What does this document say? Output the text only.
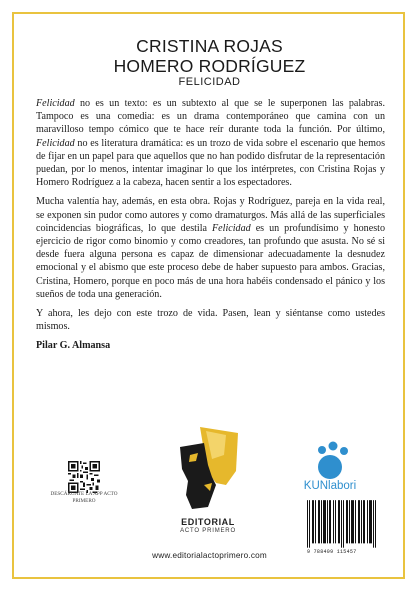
CRISTINA ROJAS
HOMERO RODRÍGUEZ
FELICIDAD

Felicidad no es un texto: es un subtexto al que se le superponen las palabras. Tampoco es una comedia: es un drama contemporáneo que camina con un maravilloso tempo cómico que te hace reír durante toda la función. Por último, Felicidad no es literatura dramática: es un trozo de vida sobre el escenario que hemos de fijar en un papel para que aquellos que no han podido disfrutar de la representación puedan, por lo menos, intentar imaginar lo que los intérpretes, con Cristina Rojas y Homero Rodríguez a la cabeza, hacen sentir a los espectadores.

Mucha valentía hay, además, en esta obra. Rojas y Rodríguez, pareja en la vida real, se exponen sin pudor como autores y como dramaturgos. Más allá de las superficiales coincidencias biográficas, lo que destila Felicidad es un profundísimo y honesto ejercicio de rigor como binomio y como creadores, tan profundo que asusta. No sé si desde fuera alguna persona es capaz de dimensionar adecuadamente la desnudez emocional y el abismo que este proceso debe de haber supuesto para ambos. Gracias, Cristina, Homero, porque en poco más de una hora habéis condensado el pánico y los sueños de toda una generación.

Y ahora, les dejo con este trozo de vida. Pasen, lean y siéntanse como ustedes mismos.

Pilar G. Almansa

DESCÁRGATE LA APP ACTO PRIMERO
EDITORIAL
ACTO PRIMERO
KUNlabori
9 788409 115457
www.editorialactoprimero.com
